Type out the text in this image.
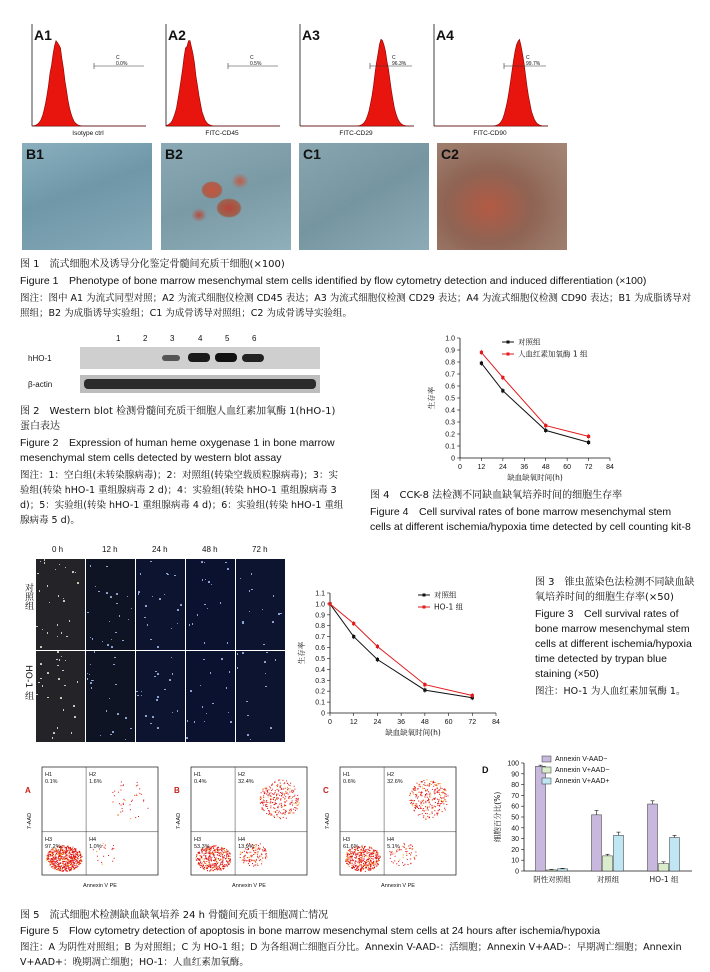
C
0.0%
A1
Isotype ctrl
C
0.5%
A2
FITC-CD45
C
96.3%
A3
FITC-CD29
C
99.7%
A4
FITC-CD90
B1	B2	C1	C2
图 1　流式细胞术及诱导分化鉴定骨髓间充质干细胞(×100)
Figure 1　Phenotype of bone marrow mesenchymal stem cells identified by flow cytometry detection and induced differentiation (×100)
图注：图中 A1 为流式同型对照；A2 为流式细胞仪检测 CD45 表达；A3 为流式细胞仪检测 CD29 表达；A4 为流式细胞仪检测 CD90 表达；B1 为成脂诱导对照组；B2 为成脂诱导实验组；C1 为成骨诱导对照组；C2 为成骨诱导实验组。
hHO-1
β-actin
1	2	3	4	5	6
图 2　Western blot 检测骨髓间充质干细胞人血红素加氧酶 1(hHO-1) 蛋白表达
Figure 2　Expression of human heme oxygenase 1 in bone marrow mesenchymal stem cells detected by western blot assay
图注：1：空白组(未转染腺病毒)；2：对照组(转染空载质粒腺病毒)；3：实验组(转染 hHO-1 重组腺病毒 2 d)；4：实验组(转染 hHO-1 重组腺病毒 3 d)；5：实验组(转染 hHO-1 重组腺病毒 4 d)；6：实验组(转染 hHO-1 重组腺病毒 5 d)。
0
0.1
0.2
0.3
0.4
0.5
0.6
0.7
0.8
0.9
1.0
0 12 24 36 48 60 72 84
缺血缺氧时间(h)
生存率
对照组
人血红素加氧酶 1 组
图 4　CCK-8 法检测不同缺血缺氧培养时间的细胞生存率
Figure 4　Cell survival rates of bone marrow mesenchymal stem cells at different ischemia/hypoxia time detected by cell counting kit-8
0 h	12 h	24 h	48 h	72 h
对照组
HO-1 组
0
0.1
0.2
0.3
0.4
0.5
0.6
0.7
0.8
0.9
1.0
1.1
0	12 24 36 48 60 72 84
缺血缺氧时间(h)
生存率
对照组
HO-1 组
图 3　锥虫蓝染色法检测不同缺血缺氧培养时间的细胞生存率(×50)
Figure 3　Cell survival rates of bone marrow mesenchymal stem cells at different ischemia/hypoxia time detected by trypan blue staining (×50)
图注：HO-1 为人血红素加氧酶 1。
H1
0.1%
H2
1.6%
H3
97.2%
H4
1.0%
A
Annexin V PE
7-AAD
H1
0.4%
H2
32.4%
H3
53.3%
H4
13.9%
B
Annexin V PE
7-AAD
H1
0.6%
H2
32.6%
H3
61.6%
H4
5.1%
C
Annexin V PE
7-AAD
0
10
20
30
40
50
60
70
80
90
100
细胞百分比(%)
D
阴性对照组	对照组	HO-1 组
Annexin V-AAD−
Annexin V+AAD−
Annexin V+AAD+
图 5　流式细胞术检测缺血缺氧培养 24 h 骨髓间充质干细胞凋亡情况
Figure 5　Flow cytometry detection of apoptosis in bone marrow mesenchymal stem cells at 24 hours after ischemia/hypoxia
图注：A 为阴性对照组；B 为对照组；C 为 HO-1 组；D 为各组凋亡细胞百分比。Annexin V-AAD-：活细胞；Annexin V+AAD-：早期凋亡细胞；Annexin V+AAD+：晚期凋亡细胞；HO-1：人血红素加氧酶。
